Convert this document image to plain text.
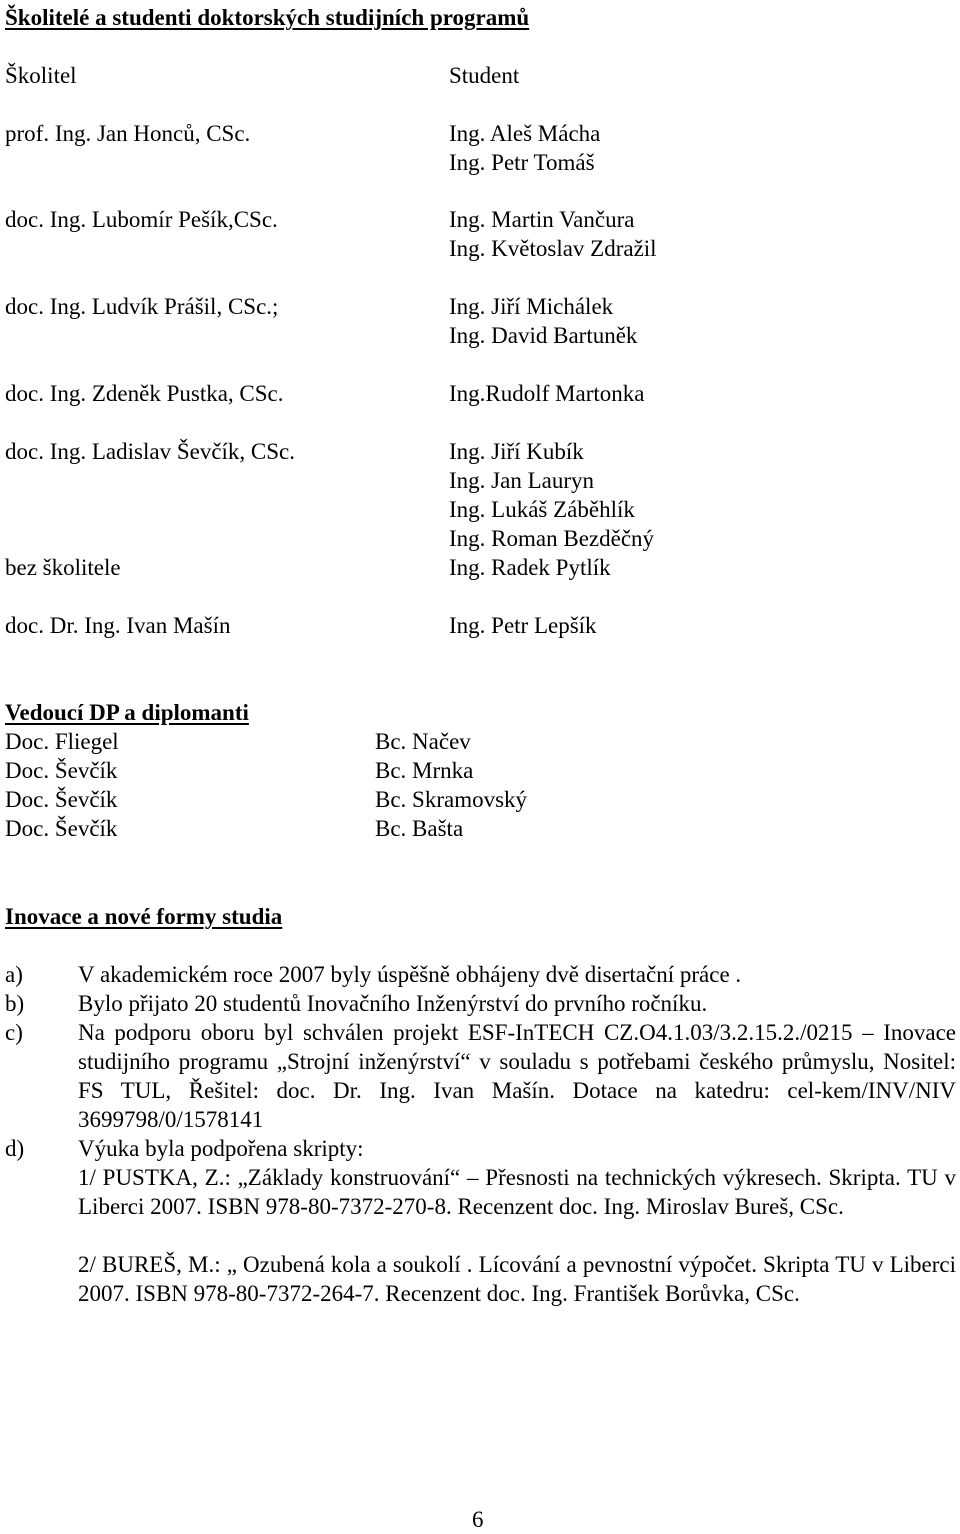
Školitelé a studenti doktorských studijních programů
Školitel	Student
prof. Ing. Jan Honců, CSc.	Ing. Aleš Mácha
Ing. Petr Tomáš
doc. Ing. Lubomír Pešík,CSc.	Ing. Martin Vančura
Ing. Květoslav Zdražil
doc. Ing. Ludvík Prášil, CSc.;	Ing. Jiří Michálek
Ing. David Bartuněk
doc. Ing. Zdeněk Pustka, CSc.	Ing.Rudolf Martonka
doc. Ing. Ladislav Ševčík, CSc.	Ing. Jiří Kubík
Ing. Jan Lauryn
Ing. Lukáš Záběhlík
Ing. Roman Bezděčný
bez školitele	Ing. Radek Pytlík
doc. Dr. Ing. Ivan Mašín	Ing. Petr Lepšík
Vedoucí DP a diplomanti
Doc. Fliegel	Bc. Načev
Doc. Ševčík	Bc. Mrnka
Doc. Ševčík	Bc. Skramovský
Doc. Ševčík	Bc. Bašta
Inovace a nové formy studia
a) V akademickém roce 2007 byly úspěšně obhájeny dvě disertační práce .
b) Bylo přijato 20 studentů Inovačního Inženýrství do prvního ročníku.
c) Na podporu oboru byl schválen projekt ESF-InTECH CZ.O4.1.03/3.2.15.2./0215 – Inovace studijního programu „Strojní inženýrství“ v souladu s potřebami českého průmyslu, Nositel: FS TUL, Řešitel: doc. Dr. Ing. Ivan Mašín. Dotace na katedru: cel-kem/INV/NIV 3699798/0/1578141
d) Výuka byla podpořena skripty:
1/ PUSTKA, Z.: „Základy konstruování“ – Přesnosti na technických výkresech. Skripta. TU v Liberci 2007. ISBN 978-80-7372-270-8. Recenzent doc. Ing. Miroslav Bureš, CSc.
2/ BUREŠ, M.: „ Ozubená kola a soukolí . Lícování a pevnostní výpočet. Skripta TU v Liberci 2007. ISBN 978-80-7372-264-7. Recenzent doc. Ing. František Borůvka, CSc.
6
